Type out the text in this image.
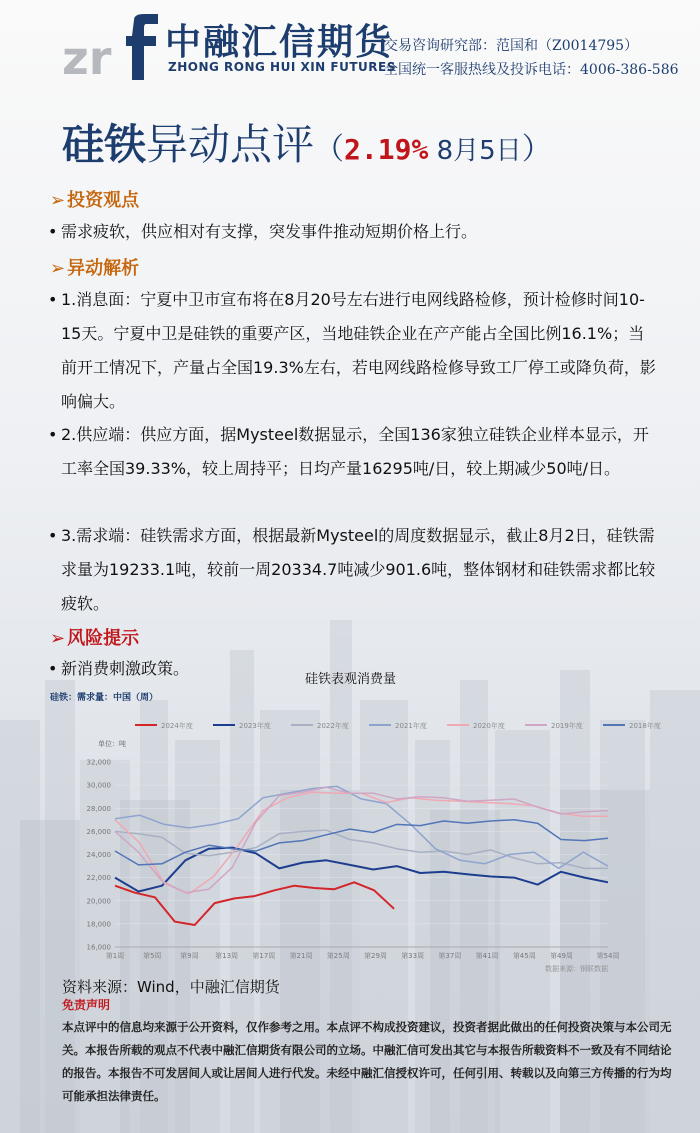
zr 中融汇信期货
ZHONG RONG HUI XIN FUTURES
交易咨询研究部：范国和（Z0014795）
全国统一客服热线及投诉电话：4006-386-586
硅铁异动点评（2.19% 8月5日）
➢ 投资观点
• 需求疲软，供应相对有支撑，突发事件推动短期价格上行。
➢ 异动解析
• 1.消息面：宁夏中卫市宣布将在8月20号左右进行电网线路检修，预计检修时间10-15天。宁夏中卫是硅铁的重要产区，当地硅铁企业在产产能占全国比例16.1%；当前开工情况下，产量占全国19.3%左右，若电网线路检修导致工厂停工或降负荷，影响偏大。
• 2.供应端：供应方面，据Mysteel数据显示，全国136家独立硅铁企业样本显示，开工率全国39.33%，较上周持平；日均产量16295吨/日，较上期减少50吨/日。
• 3.需求端：硅铁需求方面，根据最新Mysteel的周度数据显示，截止8月2日，硅铁需求量为19233.1吨，较前一周20334.7吨减少901.6吨，整体钢材和硅铁需求都比较疲软。
➢ 风险提示
• 新消费刺激政策。
硅铁表观消费量
硅铁：需求量：中国（周）
2024年度	2023年度	2022年度	2021年度	2020年度	2019年度	2018年度
单位：吨
16,000
18,000
20,000
22,000
24,000
26,000
28,000
30,000
32,000
第1周	第5周	第9周 第13周 第17周 第21周 第25周 第29周 第33周 第37周 第41周 第45周 第49周	第54周
数据来源：钢联数据
资料来源：Wind，中融汇信期货
免责声明
本点评中的信息均来源于公开资料，仅作参考之用。本点评不构成投资建议，投资者据此做出的任何投资决策与本公司无关。本报告所载的观点不代表中融汇信期货有限公司的立场。中融汇信可发出其它与本报告所载资料不一致及有不同结论的报告。本报告不可发居间人或让居间人进行代发。未经中融汇信授权许可，任何引用、转载以及向第三方传播的行为均可能承担法律责任。
